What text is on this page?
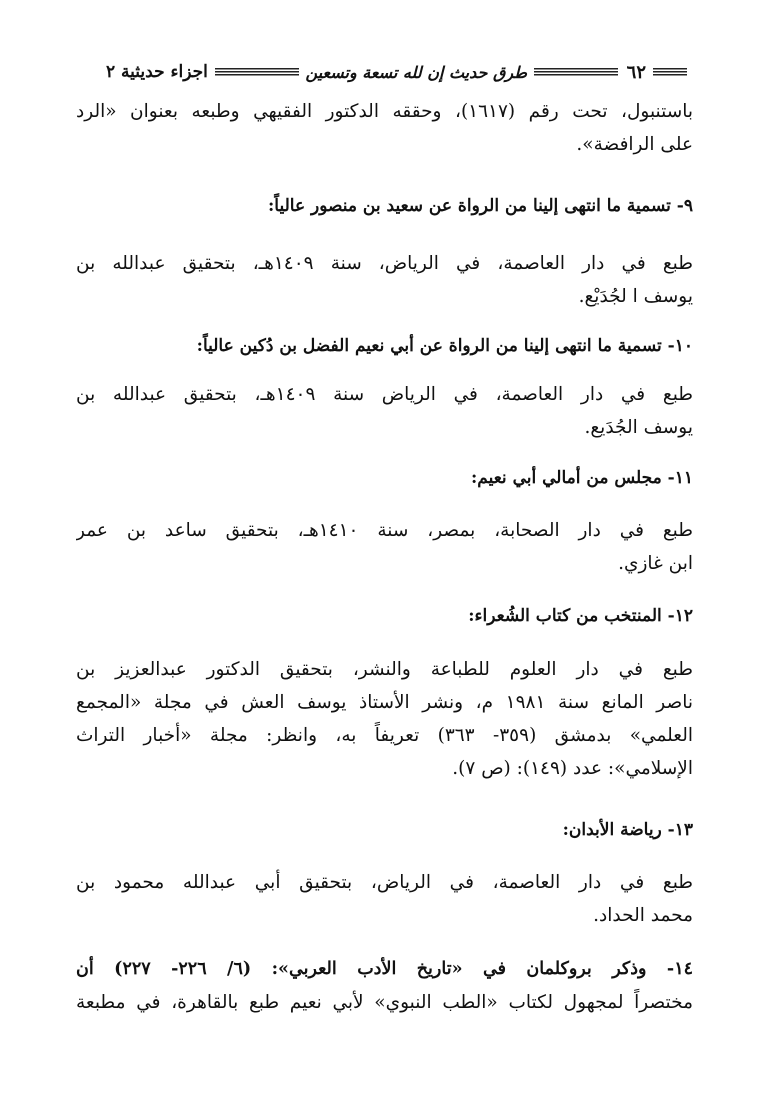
٦٢
طرق حديث إن لله تسعة وتسعين
اجزاء حديثية ٢
باستنبول، تحت رقم (١٦١٧)، وحققه الدكتور الفقيهي وطبعه بعنوان «الرد
على الرافضة».
٩- تسمية ما انتهى إلينا من الرواة عن سعيد بن منصور عالياً:
طبع في دار العاصمة، في الرياض، سنة ١٤٠٩هـ، بتحقيق عبدالله بن
يوسف ا لجُدَيْع.
١٠- تسمية ما انتهى إلينا من الرواة عن أبي نعيم الفضل بن دُكين عالياً:
طبع في دار العاصمة، في الرياض سنة ١٤٠٩هـ، بتحقيق عبدالله بن
يوسف الجُدَيع.
١١- مجلس من أمالي أبي نعيم:
طبع في دار الصحابة، بمصر، سنة ١٤١٠هـ، بتحقيق ساعد بن عمر
ابن غازي.
١٢- المنتخب من كتاب الشُعراء:
طبع في دار العلوم للطباعة والنشر، بتحقيق الدكتور عبدالعزيز بن
ناصر المانع سنة ١٩٨١ م، ونشر الأستاذ يوسف العش في مجلة «المجمع
العلمي» بدمشق (٣٥٩- ٣٦٣) تعريفاً به، وانظر: مجلة «أخبار التراث
الإسلامي»: عدد (١٤٩): (ص ٧).
١٣- رياضة الأبدان:
طبع في دار العاصمة، في الرياض، بتحقيق أبي عبدالله محمود بن
محمد الحداد.
١٤- وذكر بروكلمان في «تاريخ الأدب العربي»: (٦/ ٢٢٦- ٢٢٧) أن
مختصراً لمجهول لكتاب «الطب النبوي» لأبي نعيم طبع بالقاهرة، في مطبعة
